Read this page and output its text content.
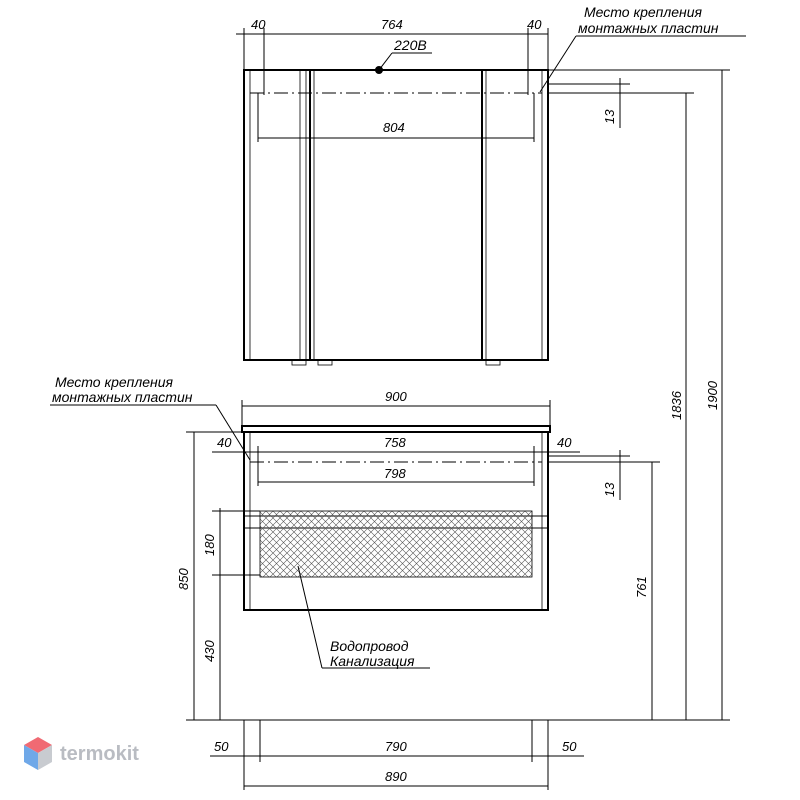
220В
40	764	40
804
Место крепления
монтажных пластин
13
Место крепления
монтажных пластин	900
40	758	40
798
13
761
1836 1900
850
180
430	Водопровод
Канализация
50	790	50
890
termokit
